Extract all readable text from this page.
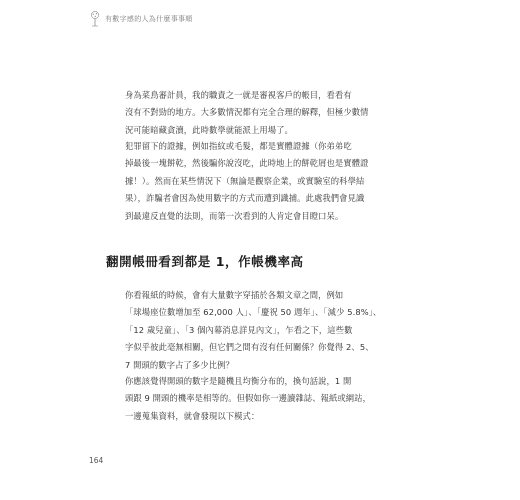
有數字感的人為什麼事事順
身為菜鳥審計員，我的職責之一就是審視客戶的帳目，看看有
沒有不對勁的地方。大多數情況都有完全合理的解釋，但極少數情
況可能暗藏貪瀆，此時數學就能派上用場了。
犯罪留下的證據，例如指紋或毛髮，都是實體證據（你弟弟吃
掉最後一塊餅乾，然後騙你說沒吃，此時地上的餅乾屑也是實體證
據！）。然而在某些情況下（無論是觀察企業，或實驗室的科學結
果），詐騙者會因為使用數字的方式而遭到識捕。此處我們會見識
到最違反直覺的法則，而第一次看到的人肯定會目瞪口呆。
翻開帳冊看到都是 1，作帳機率高
你看報紙的時候，會有大量數字穿插於各類文章之間，例如
「球場座位數增加至 62,000 人」、「慶祝 50 週年」、「減少 5.8%」、
「12 歲兒童」、「3 個內幕消息詳見內文」，乍看之下，這些數
字似乎彼此毫無相關，但它們之間有沒有任何關係？你覺得 2、5、
7 開頭的數字占了多少比例？
你應該覺得開頭的數字是隨機且均衡分布的，換句話說，1 開
頭跟 9 開頭的機率是相等的。但假如你一邊讀雜誌、報紙或網站，
一邊蒐集資料，就會發現以下模式：
164
